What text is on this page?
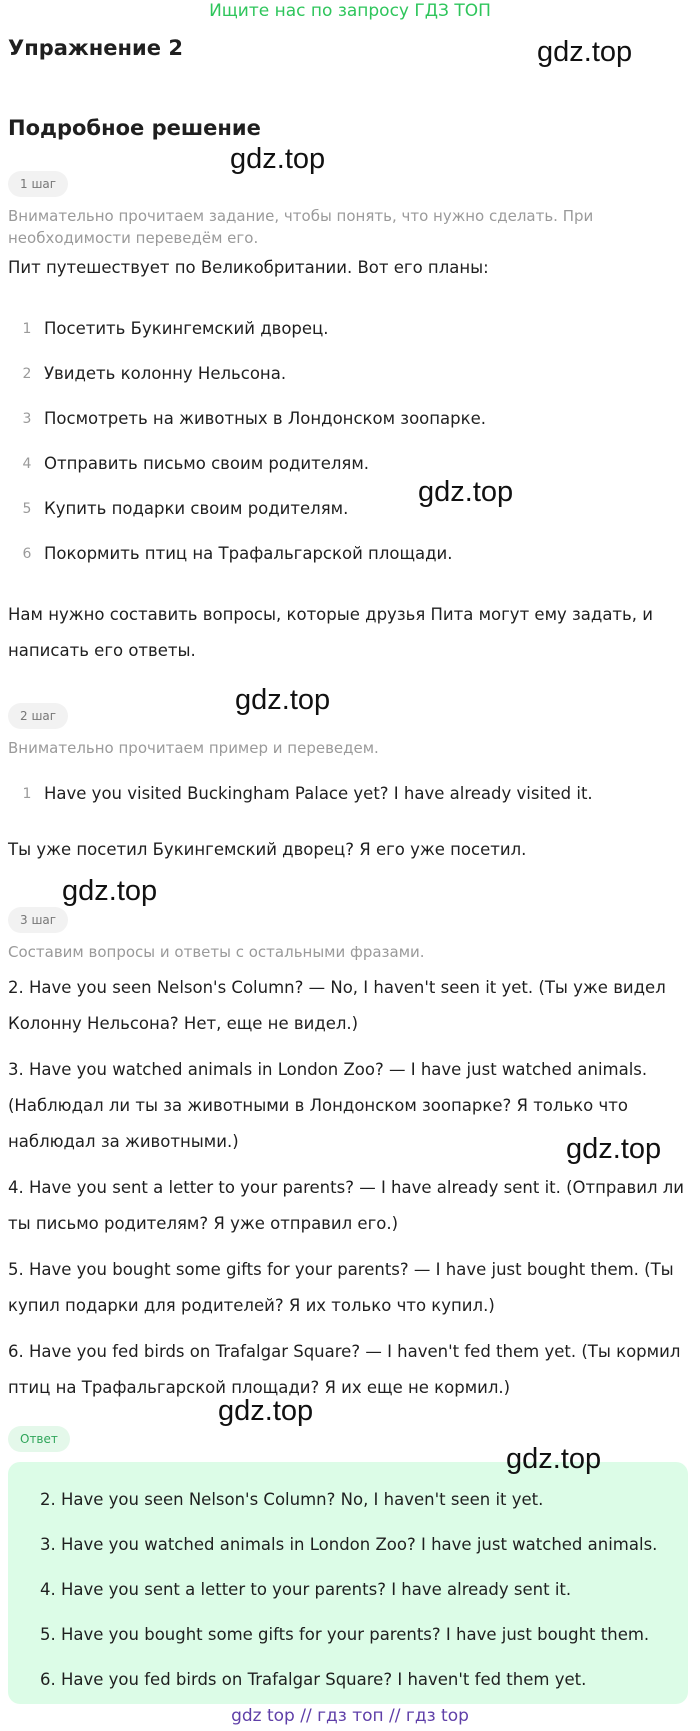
Ищите нас по запросу ГДЗ ТОП
Упражнение 2
Подробное решение
1 шаг
Внимательно прочитаем задание, чтобы понять, что нужно сделать. При необходимости переведём его.
Пит путешествует по Великобритании. Вот его планы:
1 Посетить Букингемский дворец.
2 Увидеть колонну Нельсона.
3 Посмотреть на животных в Лондонском зоопарке.
4 Отправить письмо своим родителям.
5 Купить подарки своим родителям.
6 Покормить птиц на Трафальгарской площади.
Нам нужно составить вопросы, которые друзья Пита могут ему задать, и написать его ответы.
2 шаг
Внимательно прочитаем пример и переведем.
1 Have you visited Buckingham Palace yet? I have already visited it.
Ты уже посетил Букингемский дворец? Я его уже посетил.
3 шаг
Составим вопросы и ответы с остальными фразами.
2. Have you seen Nelson's Column? — No, I haven't seen it yet. (Ты уже видел Колонну Нельсона? Нет, еще не видел.)
3. Have you watched animals in London Zoo? — I have just watched animals. (Наблюдал ли ты за животными в Лондонском зоопарке? Я только что наблюдал за животными.)
4. Have you sent a letter to your parents? — I have already sent it. (Отправил ли ты письмо родителям? Я уже отправил его.)
5. Have you bought some gifts for your parents? — I have just bought them. (Ты купил подарки для родителей? Я их только что купил.)
6. Have you fed birds on Trafalgar Square? — I haven't fed them yet. (Ты кормил птиц на Трафальгарской площади? Я их еще не кормил.)
Ответ
2. Have you seen Nelson's Column? No, I haven't seen it yet.
3. Have you watched animals in London Zoo? I have just watched animals.
4. Have you sent a letter to your parents? I have already sent it.
5. Have you bought some gifts for your parents? I have just bought them.
6. Have you fed birds on Trafalgar Square? I haven't fed them yet.
gdz.top
gdz.top
gdz.top
gdz.top
gdz.top
gdz.top
gdz.top
gdz.top
gdz top // гдз топ // гдз top
